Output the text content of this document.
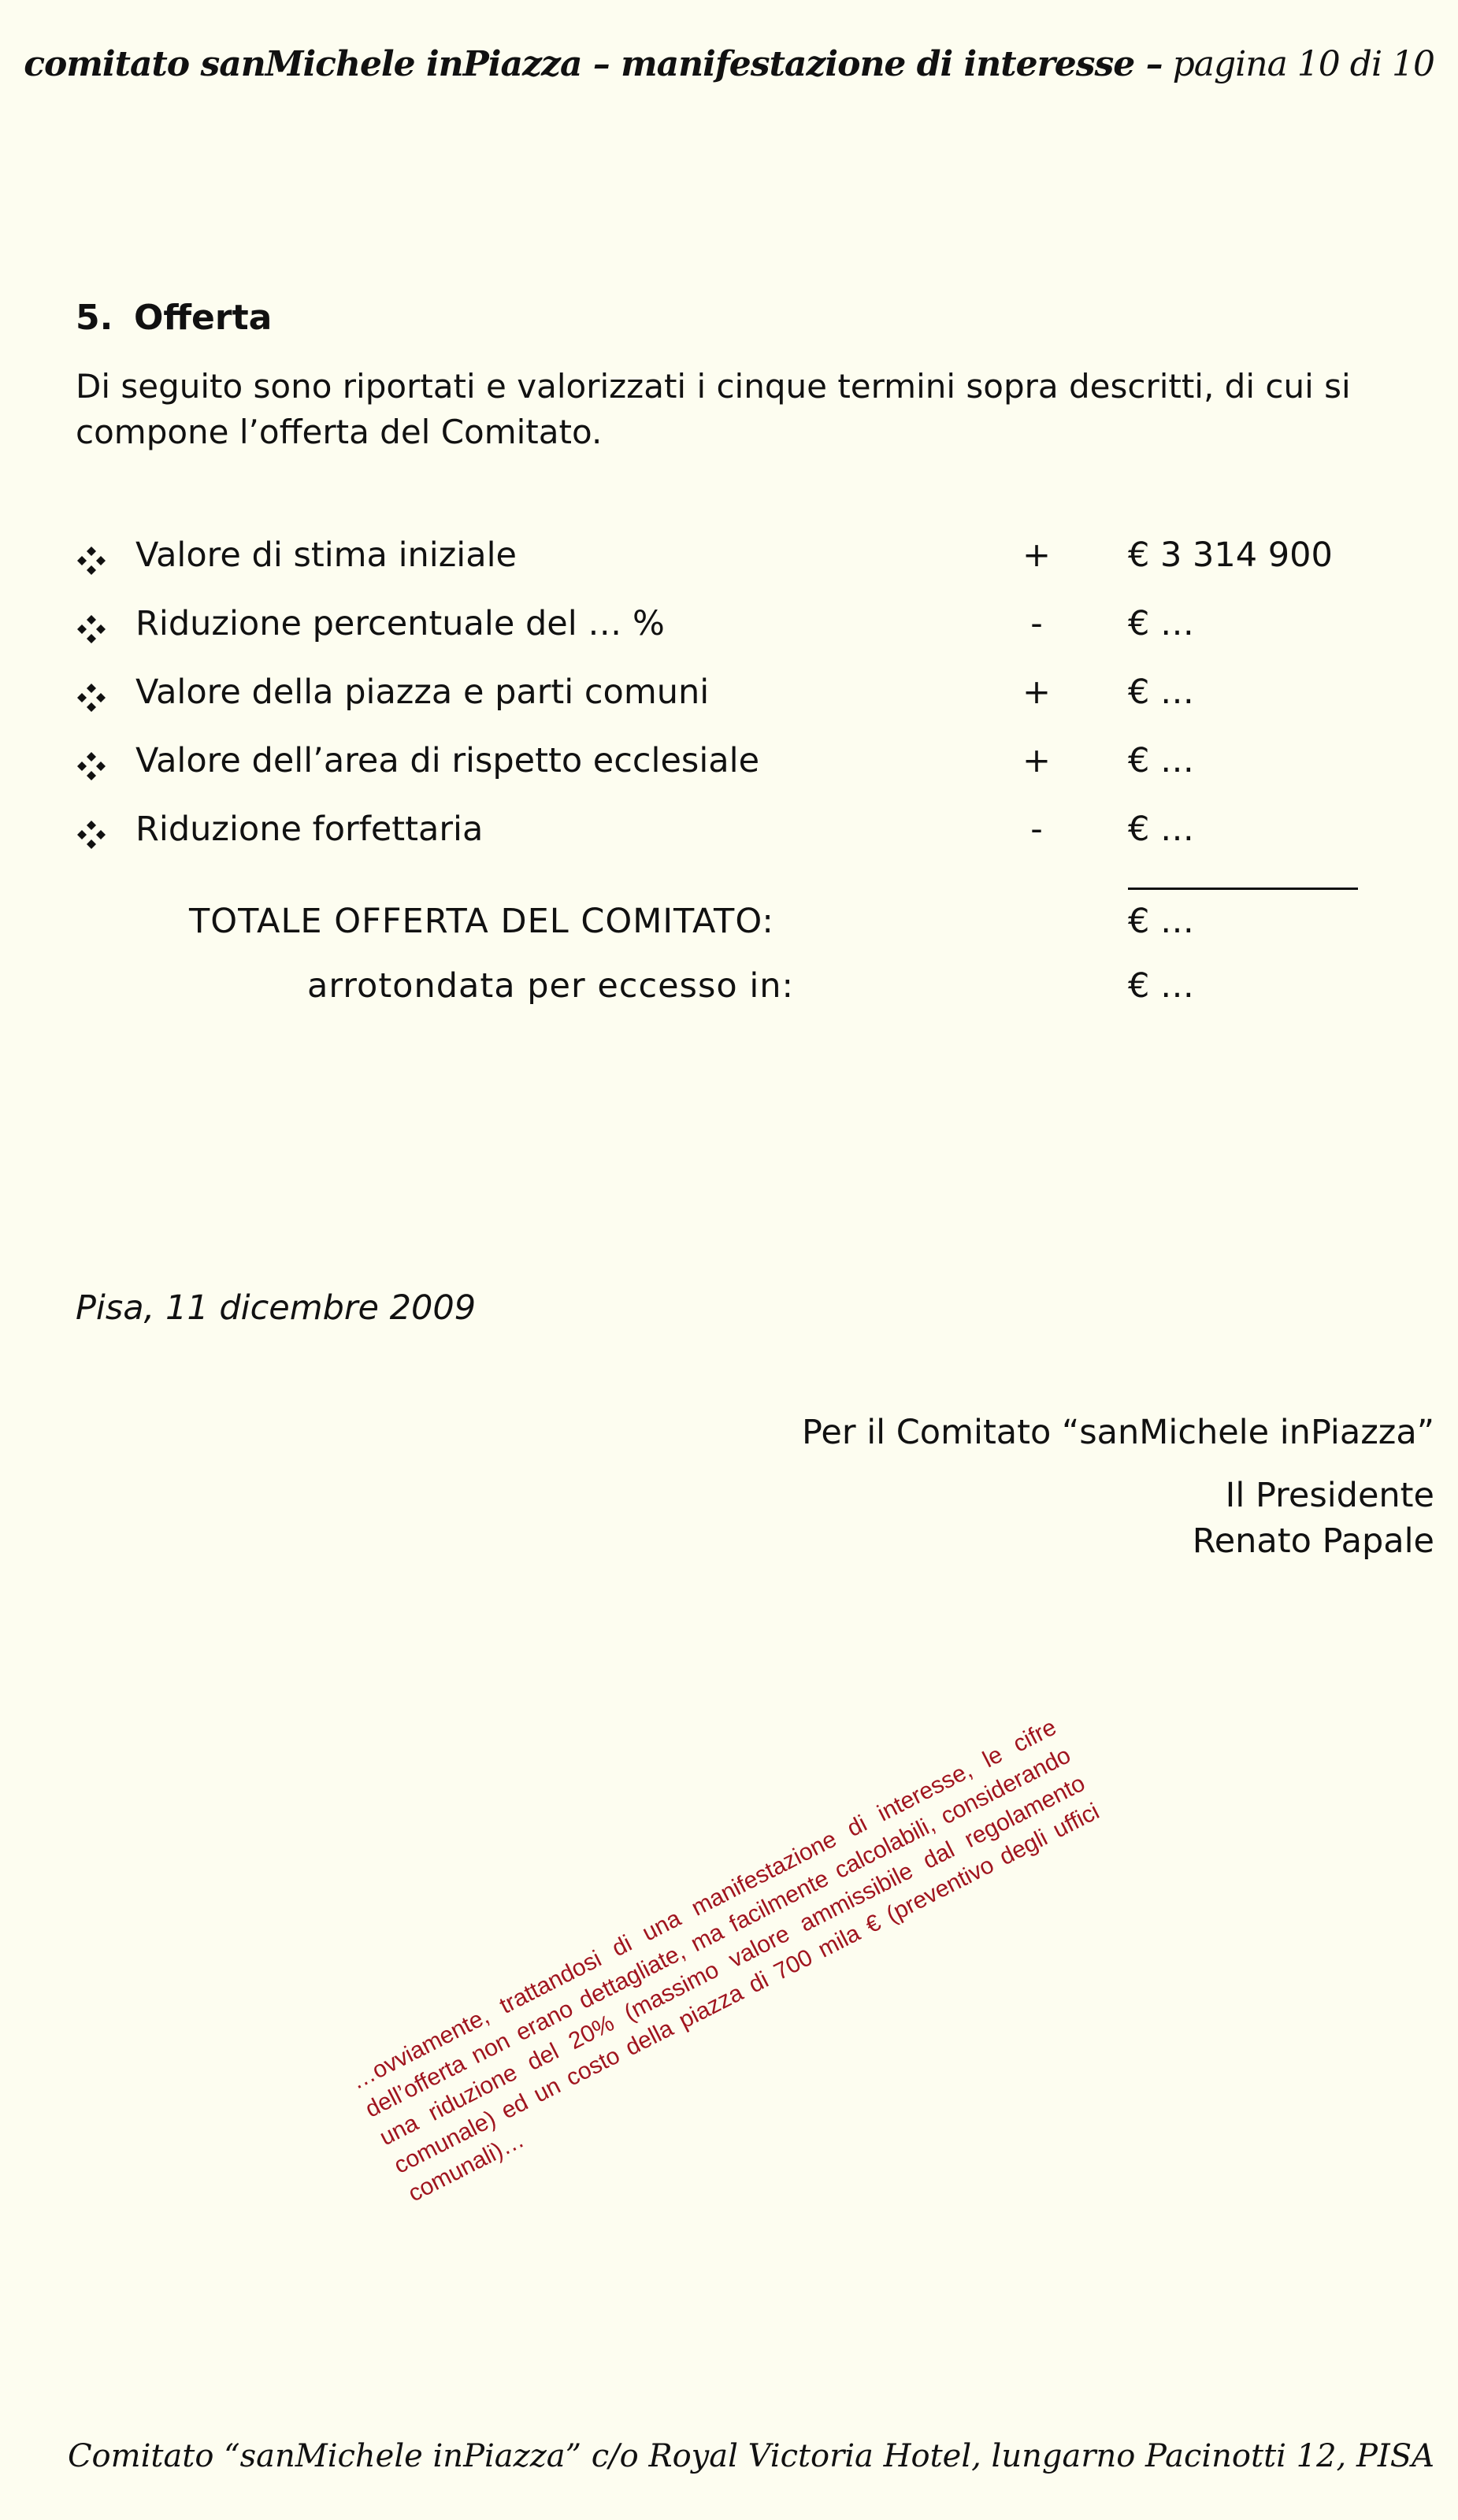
comitato sanMichele inPiazza – manifestazione di interesse – pagina 10 di 10
5. Offerta
Di seguito sono riportati e valorizzati i cinque termini sopra descritti, di cui si compone l’offerta del Comitato.
Valore di stima iniziale	+ € 3 314 900
Riduzione percentuale del … %	-	€ …
Valore della piazza e parti comuni	+ € …
Valore dell’area di rispetto ecclesiale	+ € …
Riduzione forfettaria	-	€ …
TOTALE OFFERTA DEL COMITATO:	€ …
arrotondata per eccesso in:	€ …
Pisa, 11 dicembre 2009
Per il Comitato “sanMichele inPiazza”
Il Presidente
Renato Papale
…ovviamente, trattandosi di una manifestazione di interesse, le cifre dell’offerta non erano dettagliate, ma facilmente calcolabili, considerando una riduzione del 20% (massimo valore ammissibile dal regolamento comunale) ed un costo della piazza di 700 mila € (preventivo degli uffici comunali)…
Comitato “sanMichele inPiazza” c/o Royal Victoria Hotel, lungarno Pacinotti 12, PISA
